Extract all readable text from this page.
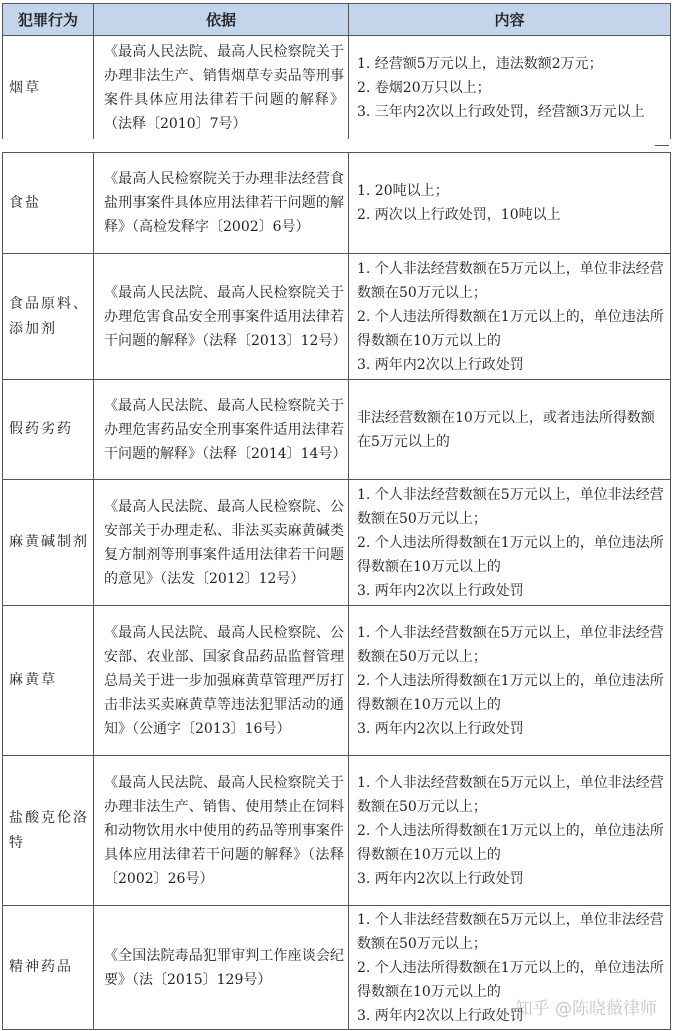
犯罪行为	依据	内容
烟草	《最高人民法院、最高人民检察院关于办理非法生产、销售烟草专卖品等刑事案件具体应用法律若干问题的解释》（法释〔2010〕7号）	1. 经营额5万元以上，违法数额2万元；
2. 卷烟20万只以上；
3. 三年内2次以上行政处罚，经营额3万元以上
食盐	《最高人民检察院关于办理非法经营食盐刑事案件具体应用法律若干问题的解释》（高检发释字〔2002〕6号）	1. 20吨以上；
2. 两次以上行政处罚，10吨以上

食品原料、添加剂	《最高人民法院、最高人民检察院关于办理危害食品安全刑事案件适用法律若干问题的解释》（法释〔2013〕12号）	1. 个人非法经营数额在5万元以上，单位非法经营数额在50万元以上；
2. 个人违法所得数额在1万元以上的，单位违法所得数额在10万元以上的
3. 两年内2次以上行政处罚

假药劣药	《最高人民法院、最高人民检察院关于办理危害药品安全刑事案件适用法律若干问题的解释》（法释〔2014〕14号）	非法经营数额在10万元以上，或者违法所得数额在5万元以上的

麻黄碱制剂	《最高人民法院、最高人民检察院、公安部关于办理走私、非法买卖麻黄碱类复方制剂等刑事案件适用法律若干问题的意见》（法发〔2012〕12号）	1. 个人非法经营数额在5万元以上，单位非法经营数额在50万元以上；
2. 个人违法所得数额在1万元以上的，单位违法所得数额在10万元以上的
3. 两年内2次以上行政处罚

麻黄草	《最高人民法院、最高人民检察院、公安部、农业部、国家食品药品监督管理总局关于进一步加强麻黄草管理严厉打击非法买卖麻黄草等违法犯罪活动的通知》（公通字〔2013〕16号）	1. 个人非法经营数额在5万元以上，单位非法经营数额在50万元以上；
2. 个人违法所得数额在1万元以上的，单位违法所得数额在10万元以上的
3. 两年内2次以上行政处罚

盐酸克伦洛特	《最高人民法院、最高人民检察院关于办理非法生产、销售、使用禁止在饲料和动物饮用水中使用的药品等刑事案件具体应用法律若干问题的解释》（法释〔2002〕26号）	1. 个人非法经营数额在5万元以上，单位非法经营数额在50万元以上；
2. 个人违法所得数额在1万元以上的，单位违法所得数额在10万元以上的
3. 两年内2次以上行政处罚

精神药品	《全国法院毒品犯罪审判工作座谈会纪要》（法〔2015〕129号）	1. 个人非法经营数额在5万元以上，单位非法经营数额在50万元以上；
2. 个人违法所得数额在1万元以上的，单位违法所得数额在10万元以上的
3. 两年内2次以上行政处罚
知乎 @陈晓薇律师
